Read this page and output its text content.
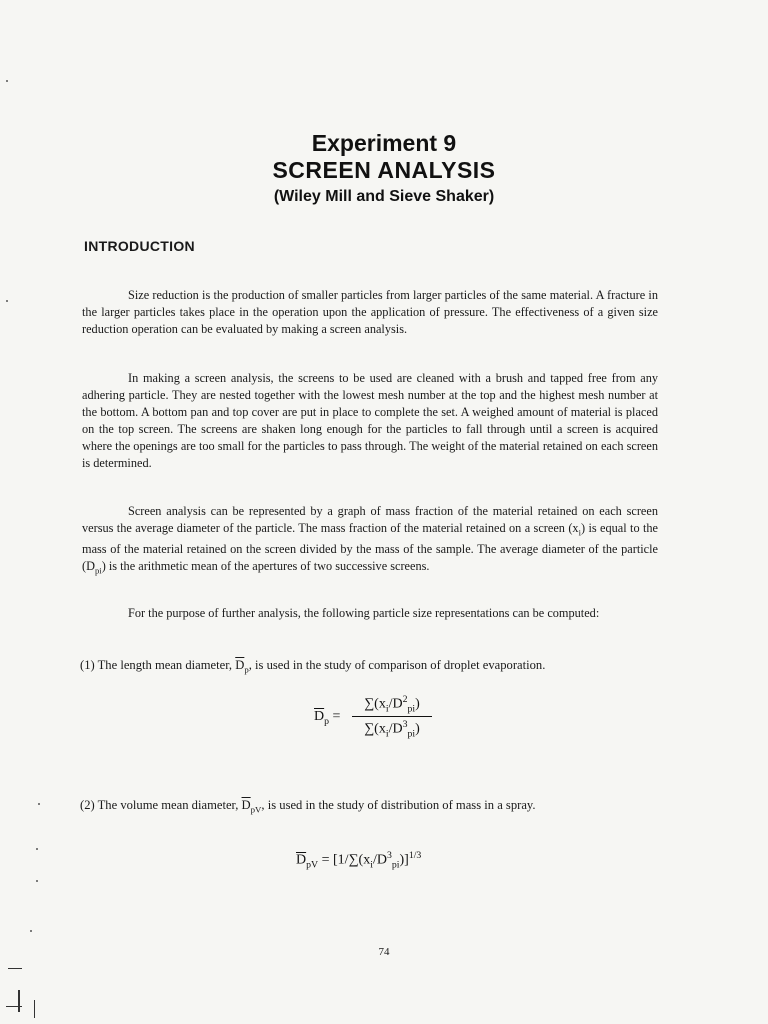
Experiment 9
SCREEN ANALYSIS
(Wiley Mill and Sieve Shaker)
INTRODUCTION

Size reduction is the production of smaller particles from larger particles of the same material. A fracture in the larger particles takes place in the operation upon the application of pressure. The effectiveness of a given size reduction operation can be evaluated by making a screen analysis.

In making a screen analysis, the screens to be used are cleaned with a brush and tapped free from any adhering particle. They are nested together with the lowest mesh number at the top and the highest mesh number at the bottom. A bottom pan and top cover are put in place to complete the set. A weighed amount of material is placed on the top screen. The screens are shaken long enough for the particles to fall through until a screen is acquired where the openings are too small for the particles to pass through. The weight of the material retained on each screen is determined.

Screen analysis can be represented by a graph of mass fraction of the material retained on each screen versus the average diameter of the particle. The mass fraction of the material retained on a screen $(x_i)$ is equal to the mass of the material retained on the screen divided by the mass of the sample. The average diameter of the particle $(D_{pi})$ is the arithmetic mean of the apertures of two successive screens.

For the purpose of further analysis, the following particle size representations can be computed:

(1) The length mean diameter, $\overline{D}_p$, is used in the study of comparison of droplet evaporation.

$\overline{D}_p = \frac{\sum(x_i/D^2_{pi})}{\sum(x_i/D^3_{pi})}$

(2) The volume mean diameter, $\overline{D}_{pV}$, is used in the study of distribution of mass in a spray.

$\overline{D}_{pV} = [1/\sum(x_i/D^3_{pi})]^{1/3}$
74
